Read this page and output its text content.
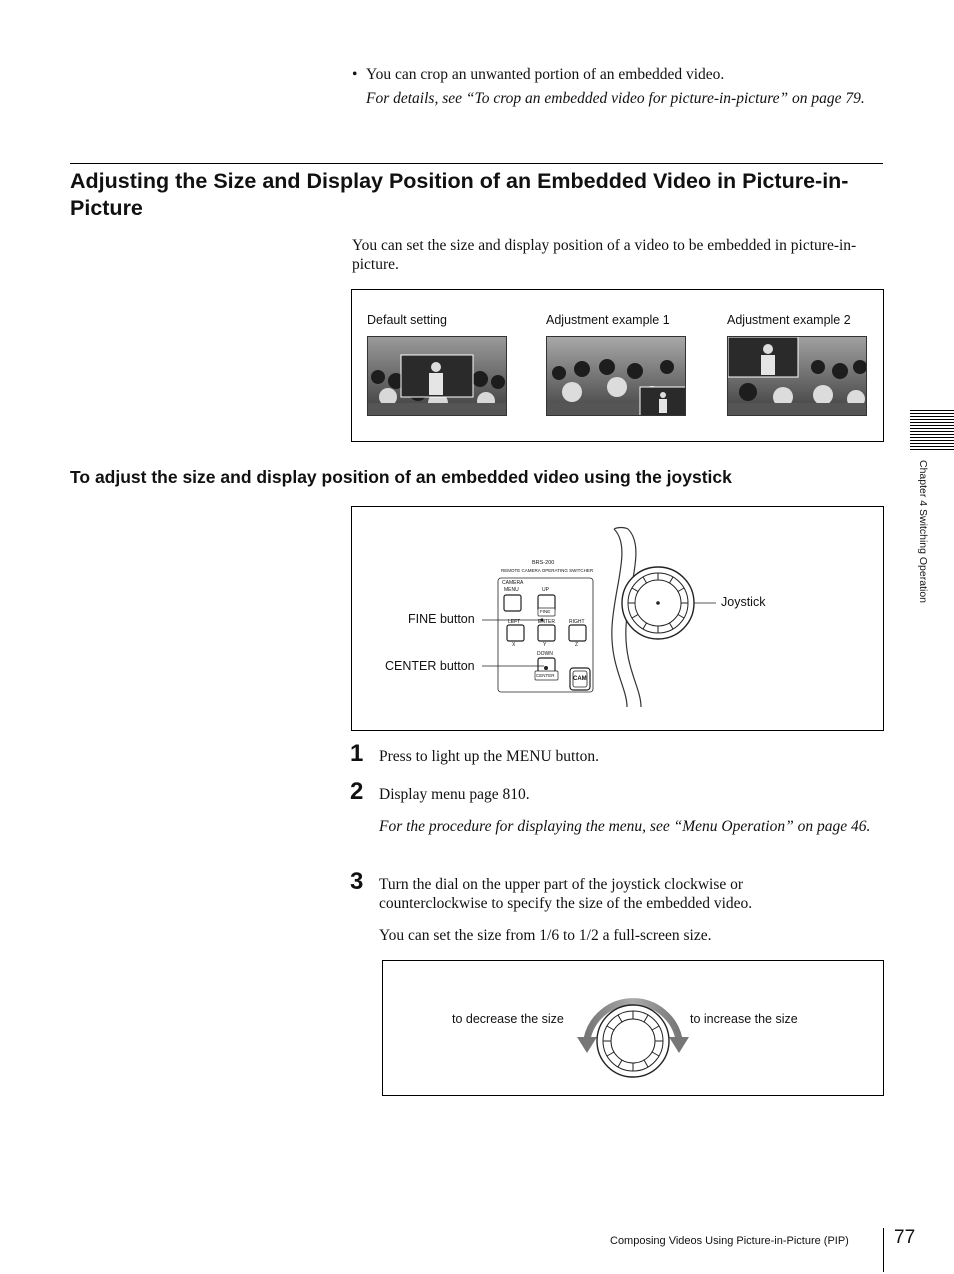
• You can crop an unwanted portion of an embedded video.
For details, see “To crop an embedded video for picture-in-picture” on page 79.
Adjusting the Size and Display Position of an Embedded Video in Picture-in-Picture
You can set the size and display position of a video to be embedded in picture-in-picture.
Default setting	Adjustment example 1	Adjustment example 2
To adjust the size and display position of an embedded video using the joystick
BRS-200
REMOTE CAMERA OPERATING SWITCHER
CAMERA
MENU	UP
FINE
LEFT	ENTER	RIGHT
X	Y	Z
DOWN
CENTER
CAM
FINE button
CENTER button
Joystick
1 Press to light up the MENU button.
2 Display menu page 810.
For the procedure for displaying the menu, see “Menu Operation” on page 46.
3 Turn the dial on the upper part of the joystick clockwise or counterclockwise to specify the size of the embedded video.
You can set the size from 1/6 to 1/2 a full-screen size.
to decrease the size	to increase the size
Chapter 4 Switching Operation
Composing Videos Using Picture-in-Picture (PIP) 77
